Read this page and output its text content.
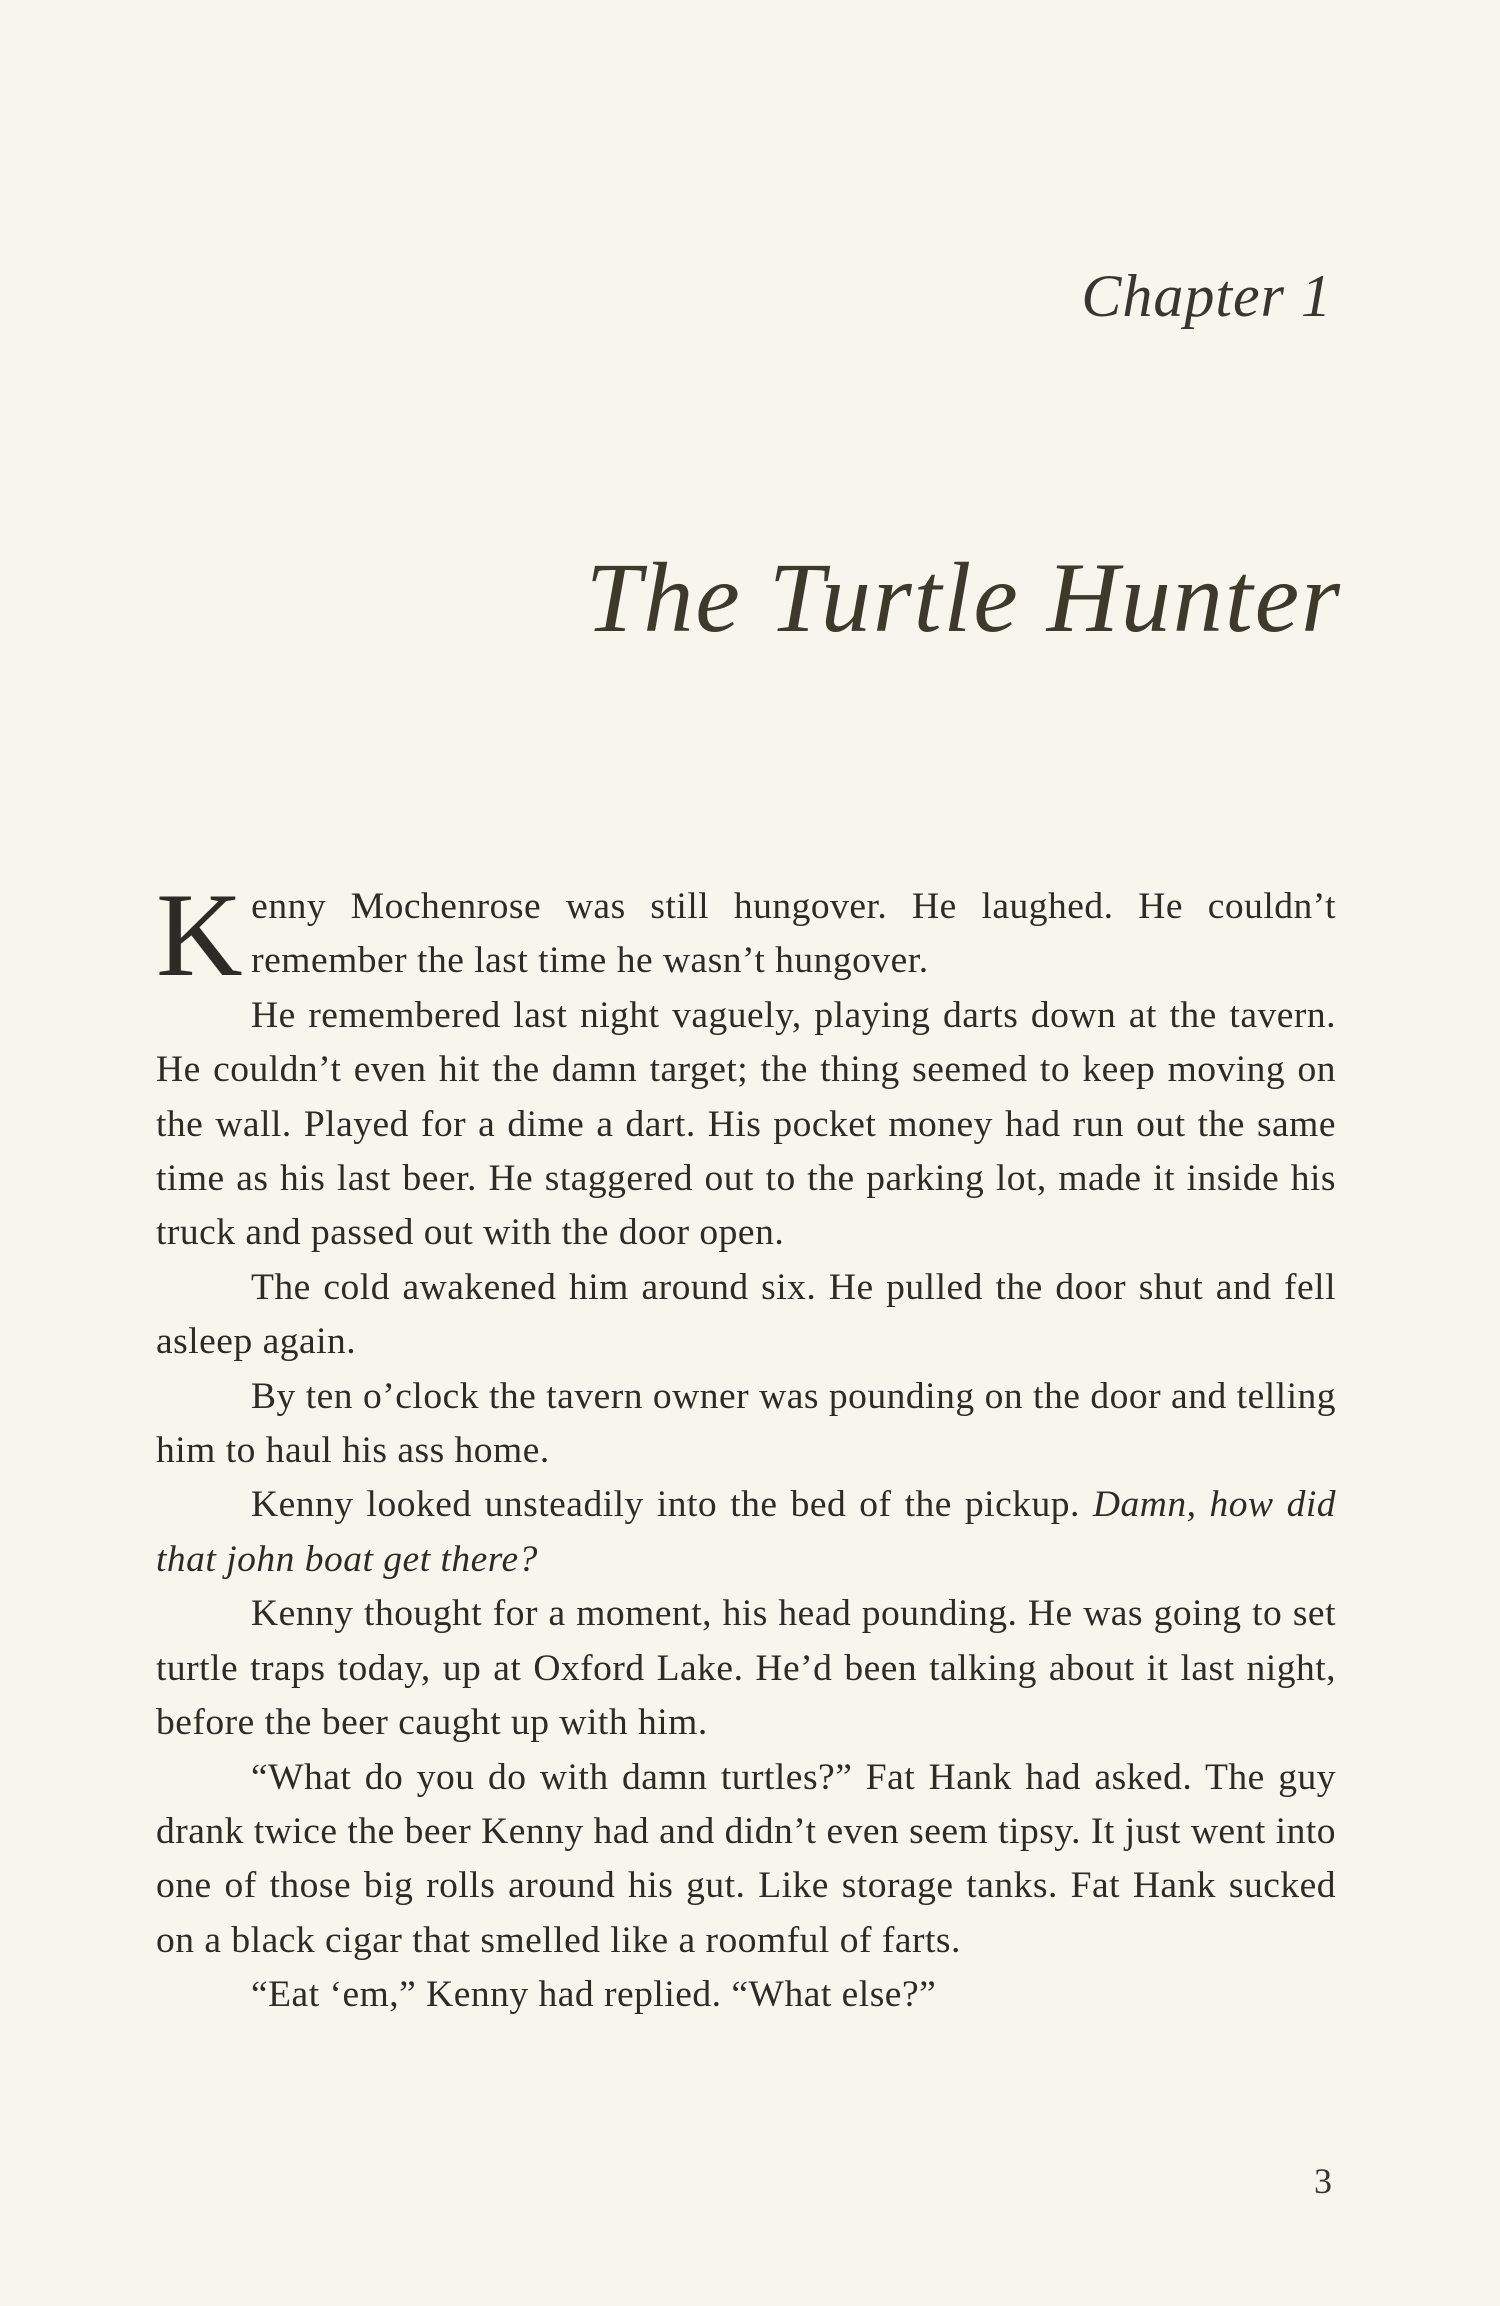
Chapter 1
The Turtle Hunter

Kenny Mochenrose was still hungover. He laughed. He couldn’t remember the last time he wasn’t hungover.

He remembered last night vaguely, playing darts down at the tavern. He couldn’t even hit the damn target; the thing seemed to keep moving on the wall. Played for a dime a dart. His pocket money had run out the same time as his last beer. He staggered out to the parking lot, made it inside his truck and passed out with the door open.

The cold awakened him around six. He pulled the door shut and fell asleep again.

By ten o’clock the tavern owner was pounding on the door and telling him to haul his ass home.

Kenny looked unsteadily into the bed of the pickup. Damn, how did that john boat get there?

Kenny thought for a moment, his head pounding. He was going to set turtle traps today, up at Oxford Lake. He’d been talking about it last night, before the beer caught up with him.

“What do you do with damn turtles?” Fat Hank had asked. The guy drank twice the beer Kenny had and didn’t even seem tipsy. It just went into one of those big rolls around his gut. Like storage tanks. Fat Hank sucked on a black cigar that smelled like a roomful of farts.

“Eat ‘em,” Kenny had replied. “What else?”

3
